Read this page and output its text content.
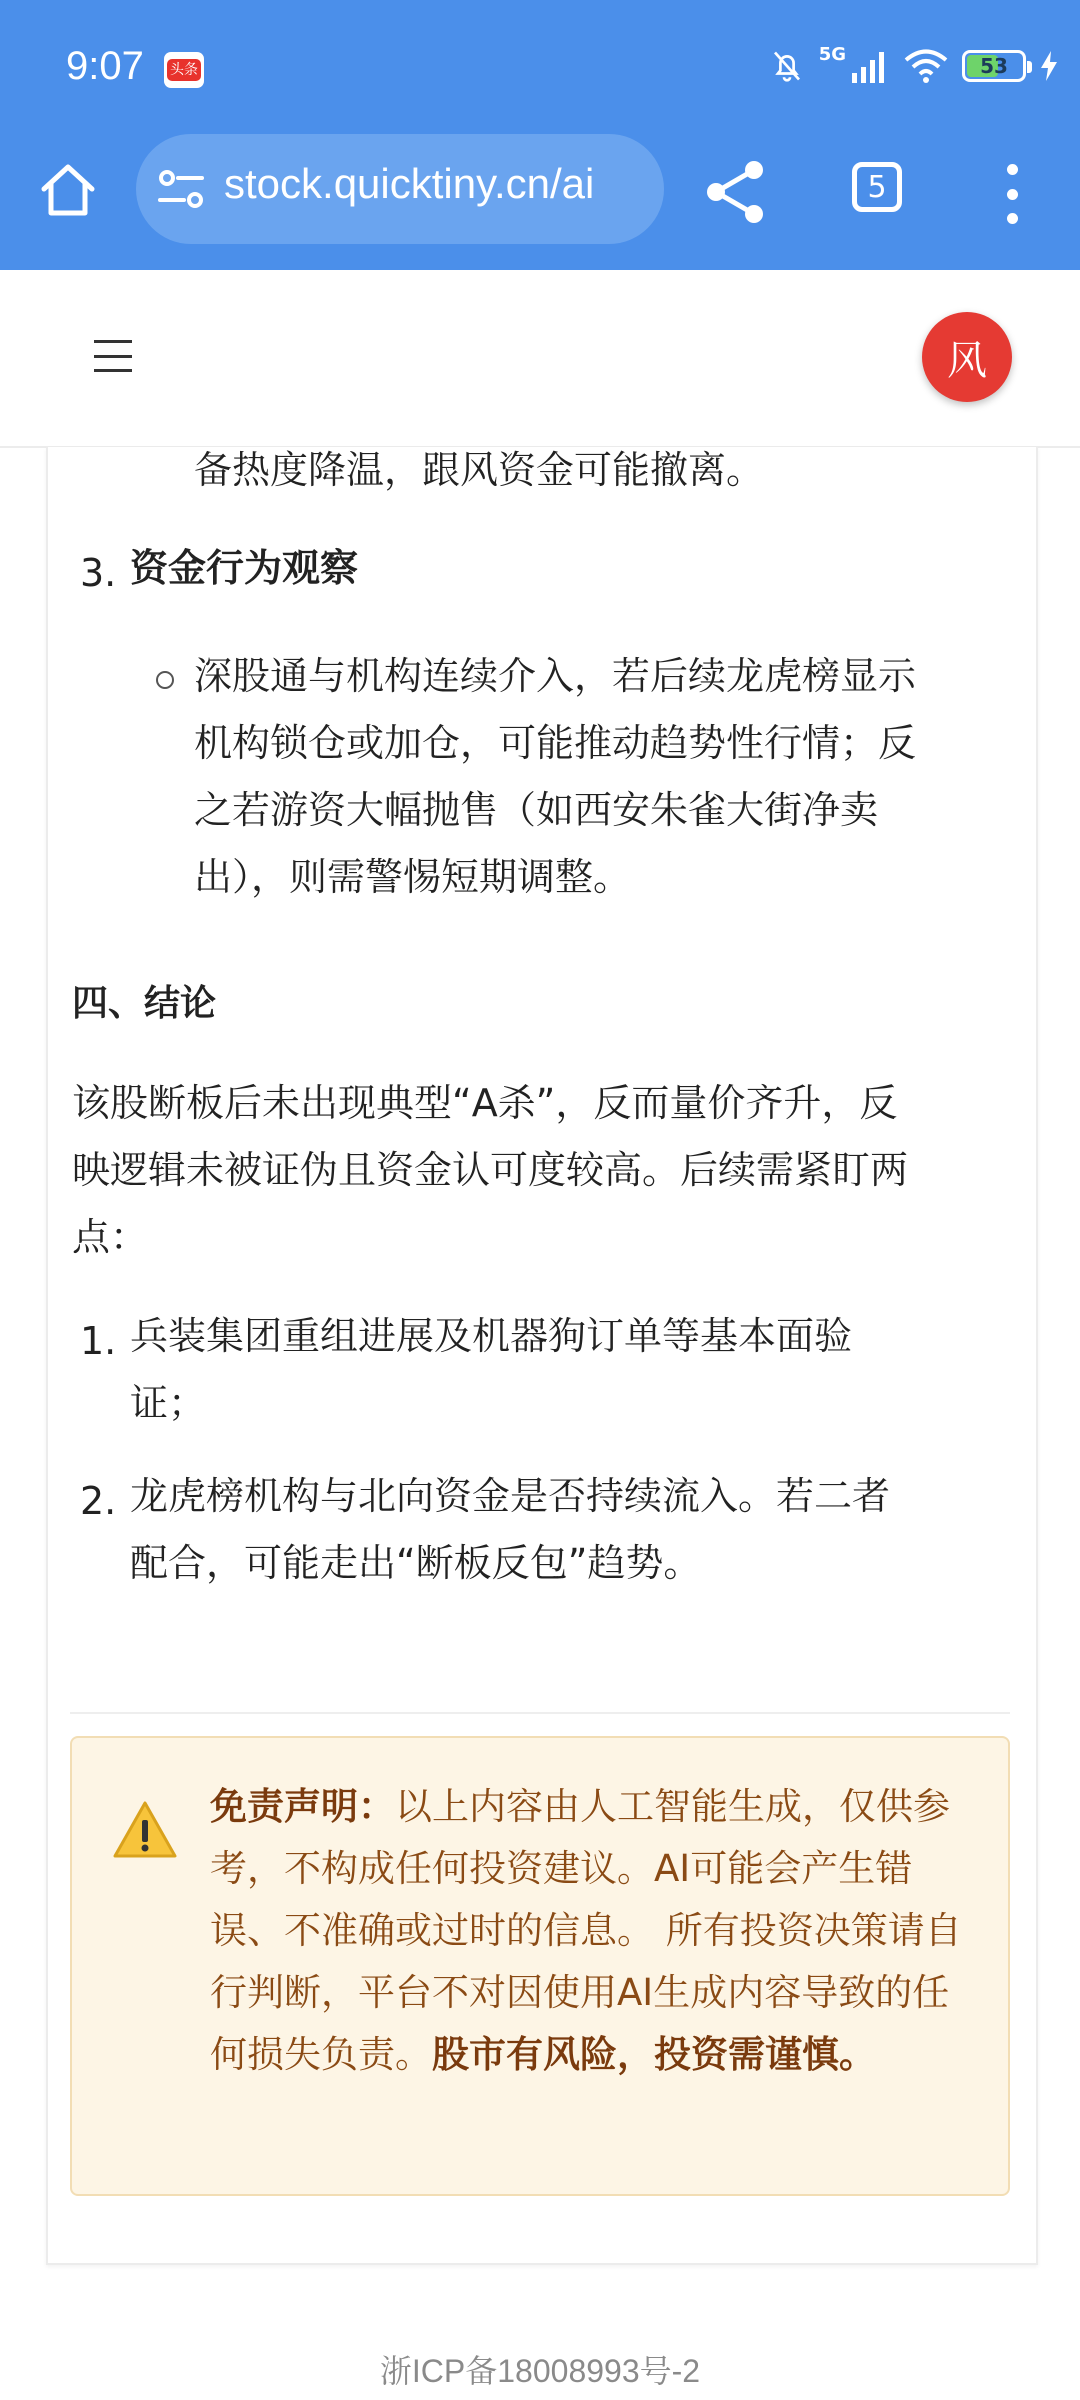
9:07 头条
5G	53
stock.quicktiny.cn/ai	5
风
备热度降温，跟风资金可能撤离。
3. 资金行为观察
深股通与机构连续介入，若后续龙虎榜显示
机构锁仓或加仓，可能推动趋势性行情；反
之若游资大幅抛售（如西安朱雀大街净卖
出），则需警惕短期调整。
四、结论
该股断板后未出现典型“A杀”，反而量价齐升，反
映逻辑未被证伪且资金认可度较高。后续需紧盯两
点：
1. 兵装集团重组进展及机器狗订单等基本面验
证；
2. 龙虎榜机构与北向资金是否持续流入。若二者
配合，可能走出“断板反包”趋势。
免责声明：以上内容由人工智能生成，仅供参考，不构成任何投资建议。AI可能会产生错误、不准确或过时的信息。 所有投资决策请自行判断，平台不对因使用AI生成内容导致的任何损失负责。股市有风险，投资需谨慎。
浙ICP备18008993号-2
